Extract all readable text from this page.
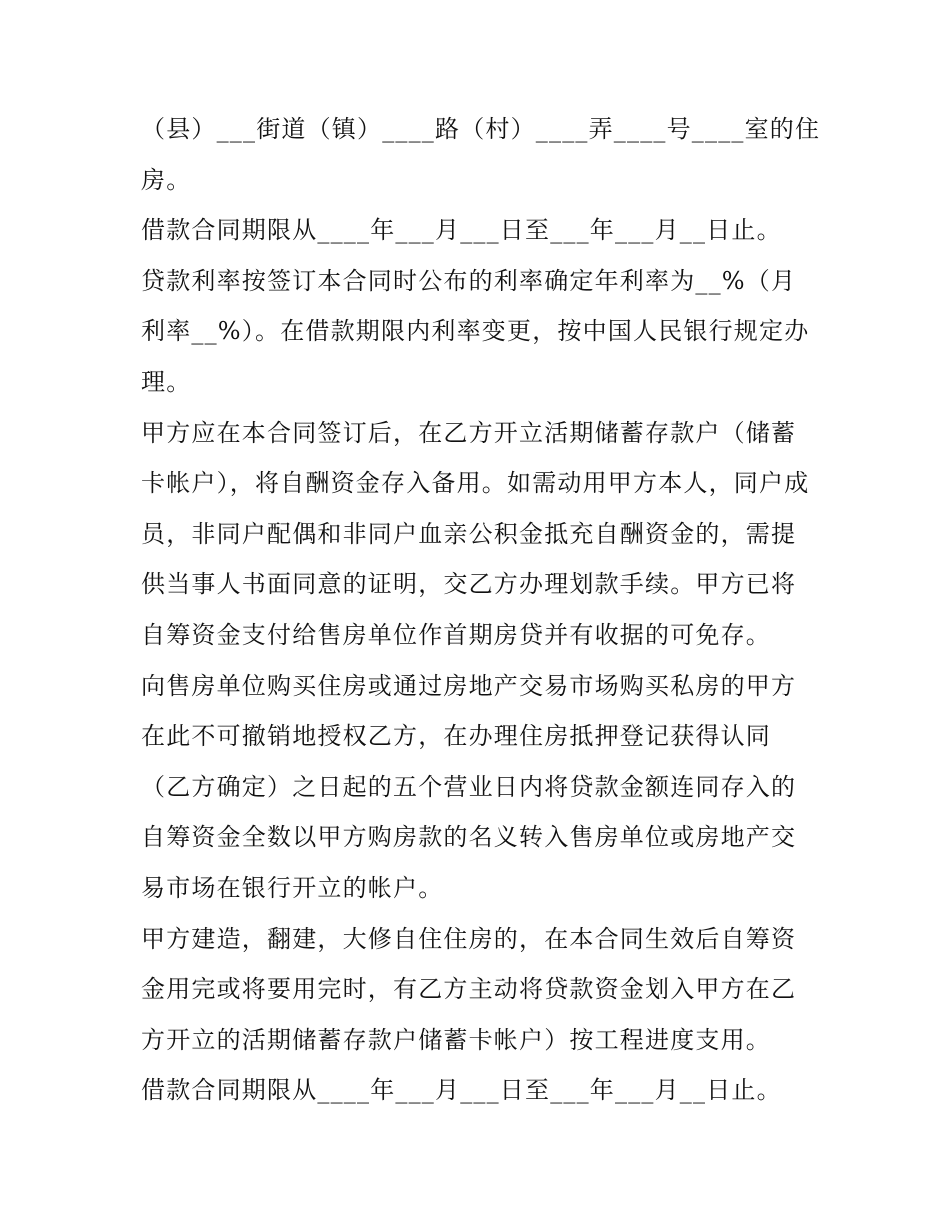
（县）___街道（镇）____路（村）____弄____号____室的住房。

借款合同期限从____年___月___日至___年___月__日止。

贷款利率按签订本合同时公布的利率确定年利率为__%（月利率__%）。在借款期限内利率变更，按中国人民银行规定办理。

甲方应在本合同签订后，在乙方开立活期储蓄存款户（储蓄卡帐户），将自酬资金存入备用。如需动用甲方本人，同户成员，非同户配偶和非同户血亲公积金抵充自酬资金的，需提供当事人书面同意的证明，交乙方办理划款手续。甲方已将自筹资金支付给售房单位作首期房贷并有收据的可免存。

向售房单位购买住房或通过房地产交易市场购买私房的甲方在此不可撤销地授权乙方，在办理住房抵押登记获得认同（乙方确定）之日起的五个营业日内将贷款金额连同存入的自筹资金全数以甲方购房款的名义转入售房单位或房地产交易市场在银行开立的帐户。

甲方建造，翻建，大修自住住房的，在本合同生效后自筹资金用完或将要用完时，有乙方主动将贷款资金划入甲方在乙方开立的活期储蓄存款户储蓄卡帐户）按工程进度支用。

借款合同期限从____年___月___日至___年___月__日止。
